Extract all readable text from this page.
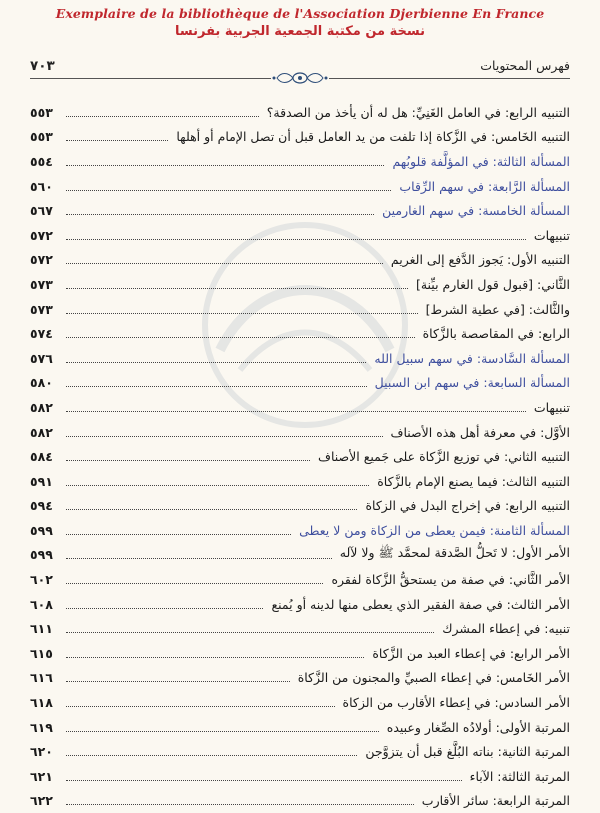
Exemplaire de la bibliothèque de l'Association Djerbienne En France
نسخة من مكتبة الجمعية الجربية بفرنسا
فهرس المحتويات
٧٠٣
التنبيه الرابع: في العامل الغَنِيِّ: هل له أن يأخذ من الصدقة؟
٥٥٣
التنبيه الخَامس: في الزَّكاة إذا تلفت من يد العامل قبل أن تصل الإمام أو أهلها
٥٥٣
المسألة الثالثة: في المؤلَّفة قلوبُهم
٥٥٤
المسألة الرَّابعة: في سهم الرِّقاب
٥٦٠
المسألة الخامسة: في سهم الغارمين
٥٦٧
تنبيهات
٥٧٢
التنبيه الأول: يَجوز الدَّفع إلى الغريم
٥٧٢
الثَّاني: [قبول قول الغارم بيِّنة]
٥٧٣
والثَّالث: [في عطية الشرط]
٥٧٣
الرابع: في المقاصصة بالزَّكاة
٥٧٤
المسألة السَّادسة: في سهم سبيل الله
٥٧٦
المسألة السابعة: في سهم ابن السبيل
٥٨٠
تنبيهات
٥٨٢
الأوَّل: في معرفة أهل هذه الأصناف
٥٨٢
التنبيه الثاني: في توزيع الزَّكاة على جَميع الأصناف
٥٨٤
التنبيه الثالث: فيما يصنع الإمام بالزَّكاة
٥٩١
التنبيه الرابع: في إخراج البدل في الزكاة
٥٩٤
المسألة الثامنة: فيمن يعطى من الزكاة ومن لا يعطى
٥٩٩
الأمر الأول: لا تَحلُّ الصَّدقة لمحمَّد ﷺ ولا لآله
٥٩٩
الأمر الثَّاني: في صفة من يستحقُّ الزَّكاة لفقره
٦٠٢
الأمر الثالث: في صفة الفقير الذي يعطى منها لدينه أو يُمنع
٦٠٨
تنبيه: في إعطاء المشرك
٦١١
الأمر الرابع: في إعطاء العبد من الزَّكاة
٦١٥
الأمر الخَامس: في إعطاء الصبيِّ والمجنون من الزَّكاة
٦١٦
الأمر السادس: في إعطاء الأقارب من الزكاة
٦١٨
المرتبة الأولى: أولادُه الصِّغار وعبيده
٦١٩
المرتبة الثانية: بناته البُلَّغ قبل أن يتزوَّجن
٦٢٠
المرتبة الثالثة: الآباء
٦٢١
المرتبة الرابعة: سائر الأقارب
٦٢٢
